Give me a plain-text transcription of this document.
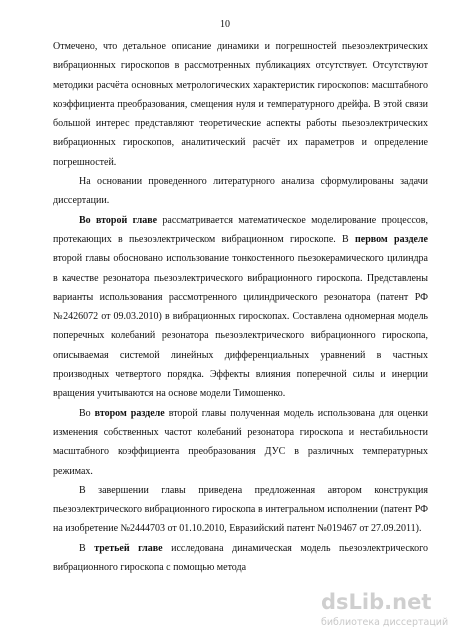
10

Отмечено, что детальное описание динамики и погрешностей пьезоэлектрических вибрационных гироскопов в рассмотренных публикациях отсутствует. Отсутствуют методики расчёта основных метрологических характеристик гироскопов: масштабного коэффициента преобразования, смещения нуля и температурного дрейфа. В этой связи большой интерес представляют теоретические аспекты работы пьезоэлектрических вибрационных гироскопов, аналитический расчёт их параметров и определение погрешностей.

На основании проведенного литературного анализа сформулированы задачи диссертации.

Во второй главе рассматривается математическое моделирование процессов, протекающих в пьезоэлектрическом вибрационном гироскопе. В первом разделе второй главы обосновано использование тонкостенного пьезокерамического цилиндра в качестве резонатора пьезоэлектрического вибрационного гироскопа. Представлены варианты использования рассмотренного цилиндрического резонатора (патент РФ №2426072 от 09.03.2010) в вибрационных гироскопах. Составлена одномерная модель поперечных колебаний резонатора пьезоэлектрического вибрационного гироскопа, описываемая системой линейных дифференциальных уравнений в частных производных четвертого порядка. Эффекты влияния поперечной силы и инерции вращения учитываются на основе модели Тимошенко.

Во втором разделе второй главы полученная модель использована для оценки изменения собственных частот колебаний резонатора гироскопа и нестабильности масштабного коэффициента преобразования ДУС в различных температурных режимах.

В завершении главы приведена предложенная автором конструкция пьезоэлектрического вибрационного гироскопа в интегральном исполнении (патент РФ на изобретение №2444703 от 01.10.2010, Евразийский патент №019467 от 27.09.2011).

В третьей главе исследована динамическая модель пьезоэлектрического вибрационного гироскопа с помощью метода

dsLib.net
библиотека диссертаций
